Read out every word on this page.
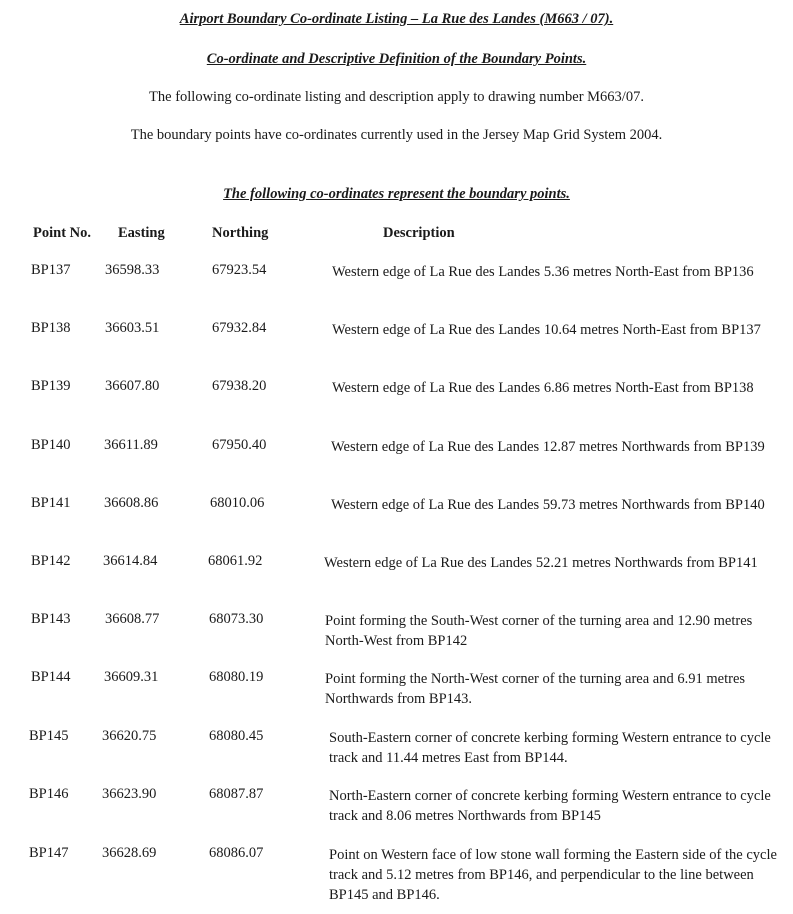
Airport Boundary Co-ordinate Listing – La Rue des Landes (M663 / 07).
Co-ordinate and Descriptive Definition of the Boundary Points.
The following co-ordinate listing and description apply to drawing number M663/07.
The boundary points have co-ordinates currently used in the Jersey Map Grid System 2004.
The following co-ordinates represent the boundary points.
Point No. Easting	Northing	Description
BP137 36598.33	67923.54	Western edge of La Rue des Landes 5.36 metres North-East from BP136
BP138 36603.51	67932.84	Western edge of La Rue des Landes 10.64 metres North-East from BP137
BP139 36607.80	67938.20	Western edge of La Rue des Landes 6.86 metres North-East from BP138
BP140 36611.89	67950.40	Western edge of La Rue des Landes 12.87 metres Northwards from BP139
BP141 36608.86	68010.06	Western edge of La Rue des Landes 59.73 metres Northwards from BP140
BP142 36614.84	68061.92	Western edge of La Rue des Landes 52.21 metres Northwards from BP141
BP143 36608.77	68073.30	Point forming the South-West corner of the turning area and 12.90 metres North-West from BP142
BP144 36609.31	68080.19	Point forming the North-West corner of the turning area and 6.91 metres Northwards from BP143.
BP145 36620.75	68080.45	South-Eastern corner of concrete kerbing forming Western entrance to cycle track and 11.44 metres East from BP144.
BP146 36623.90	68087.87	North-Eastern corner of concrete kerbing forming Western entrance to cycle track and 8.06 metres Northwards from BP145
BP147 36628.69	68086.07	Point on Western face of low stone wall forming the Eastern side of the cycle track and 5.12 metres from BP146, and perpendicular to the line between BP145 and BP146.
